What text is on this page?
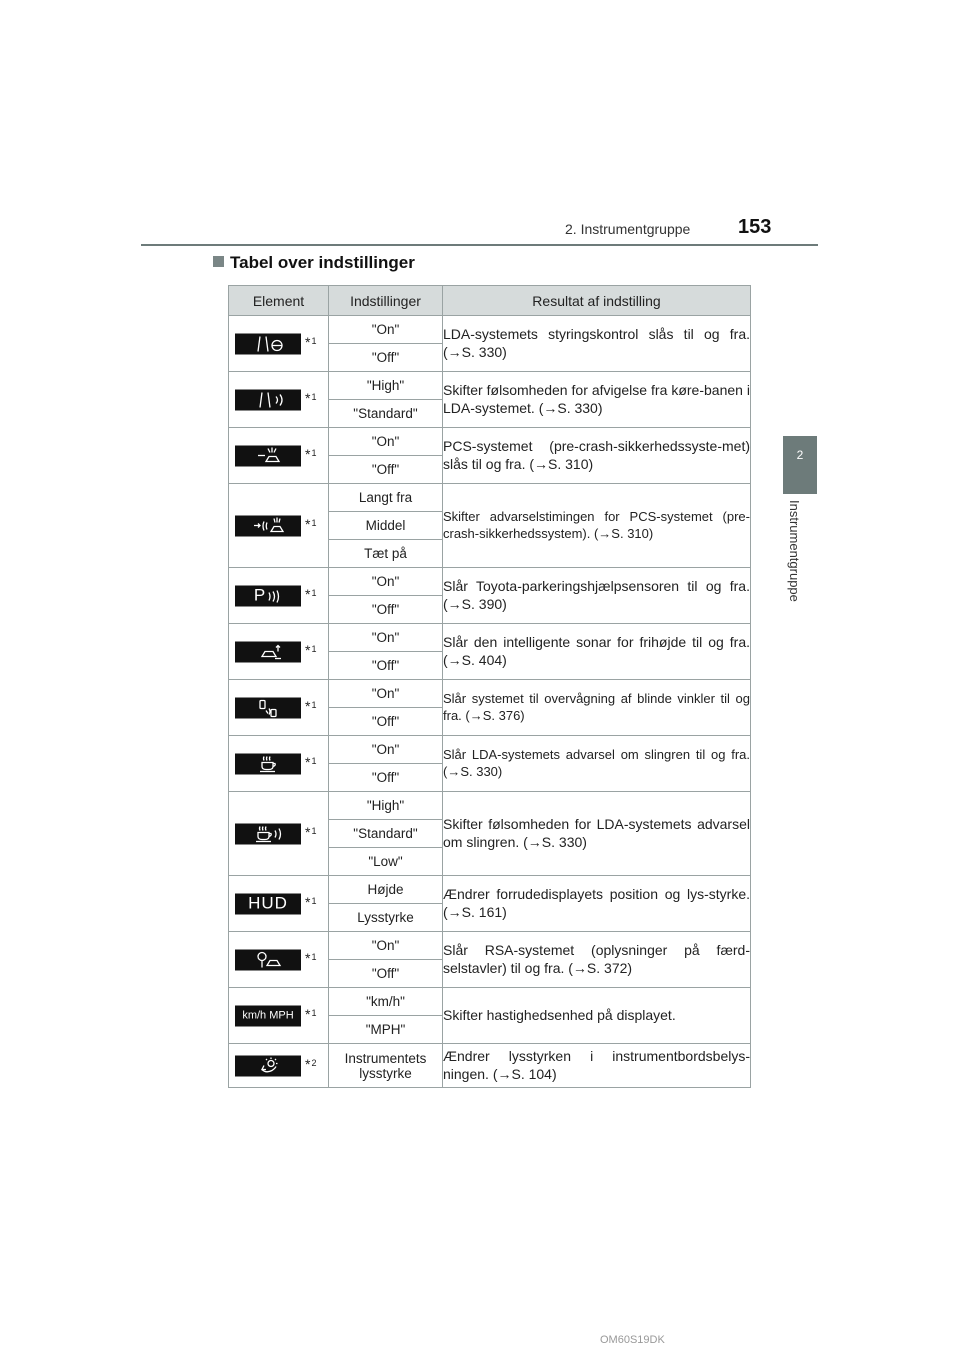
2. Instrumentgruppe 153
2
Instrumentgruppe
Tabel over indstillinger
Element	Indstillinger	Resultat af indstilling

*$^1$	"On"	LDA-systemets styringskontrol slås til og fra. (→S. 330)
	"Off"	

*$^1$	"High"	Skifter følsomheden for afvigelse fra køre-banen i LDA-systemet. (→S. 330)
	"Standard"	

*$^1$	"On"	PCS-systemet (pre-crash-sikkerhedssyste-met) slås til og fra. (→S. 310)
	"Off"	

*$^1$	Langt fra	Skifter advarselstimingen for PCS-systemet (pre-crash-sikkerhedssystem). (→S. 310)
	Middel	
	Tæt på	

P *$^1$	"On"	Slår Toyota-parkeringshjælpsensoren til og fra. (→S. 390)
	"Off"	

*$^1$	"On"	Slår den intelligente sonar for frihøjde til og fra. (→S. 404)
	"Off"	

*$^1$	"On"	Slår systemet til overvågning af blinde vinkler til og fra. (→S. 376)
	"Off"	

*$^1$	"On"	Slår LDA-systemets advarsel om slingren til og fra. (→S. 330)
	"Off"	

*$^1$	"High"	Skifter følsomheden for LDA-systemets advarsel om slingren. (→S. 330)
	"Standard"	
	"Low"	

HUD *$^1$	Højde	Ændrer forrudedisplayets position og lys-styrke. (→S. 161)
	Lysstyrke	

*$^1$	"On"	Slår RSA-systemet (oplysninger på færd-selstavler) til og fra. (→S. 372)
	"Off"	

km/h MPH *$^1$	"km/h"	Skifter hastighedsenhed på displayet.
	"MPH"	

*$^2$	Instrumentets lysstyrke	Ændrer lysstyrken i instrumentbordsbelys-ningen. (→S. 104)
OM60S19DK
